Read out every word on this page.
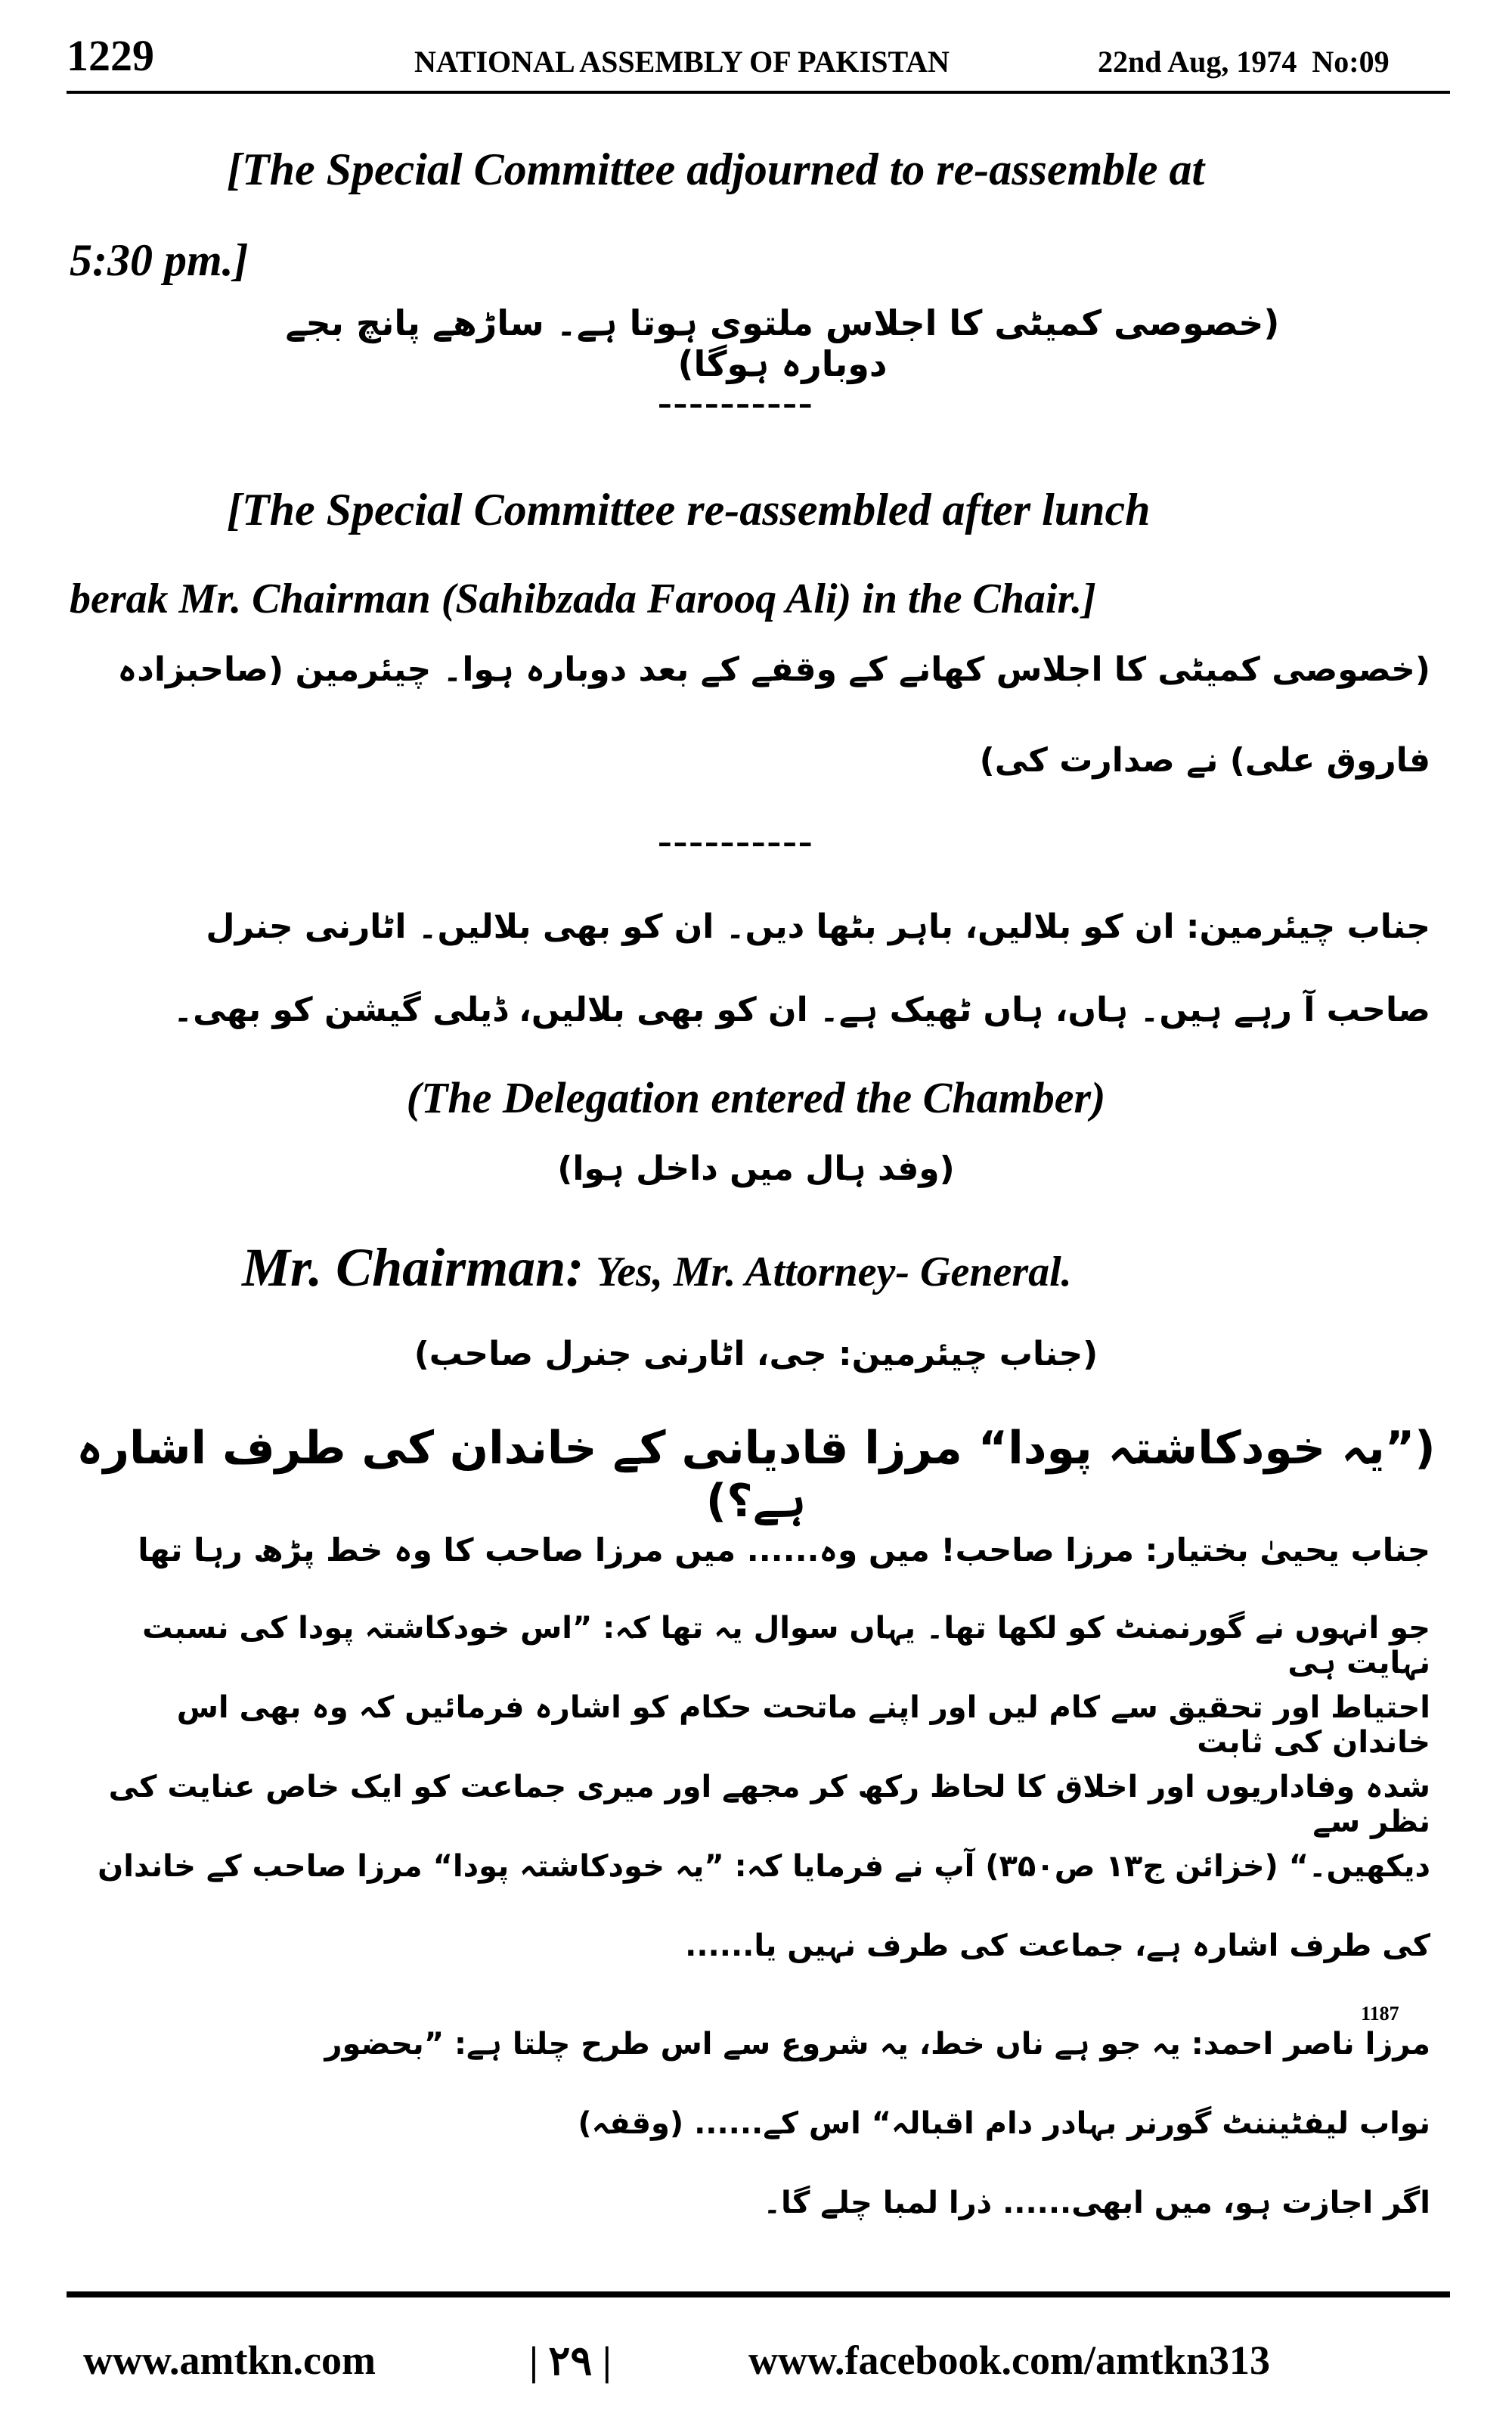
1229	NATIONAL ASSEMBLY OF PAKISTAN	22nd Aug, 1974  No:09
[The Special Committee adjourned to re-assemble at
5:30 pm.]
(خصوصی کمیٹی کا اجلاس ملتوی ہوتا ہے۔ ساڑھے پانچ بجے دوبارہ ہوگا)
----------
[The Special Committee re-assembled after lunch
berak Mr. Chairman (Sahibzada Farooq Ali) in the Chair.]
(خصوصی کمیٹی کا اجلاس کھانے کے وقفے کے بعد دوبارہ ہوا۔ چیئرمین (صاحبزادہ
فاروق علی) نے صدارت کی)
----------
جناب چیئرمین: ان کو بلالیں، باہر بٹھا دیں۔ ان کو بھی بلالیں۔ اٹارنی جنرل
صاحب آ رہے ہیں۔ ہاں، ہاں ٹھیک ہے۔ ان کو بھی بلالیں، ڈیلی گیشن کو بھی۔
(The Delegation entered the Chamber)
(وفد ہال میں داخل ہوا)
Mr. Chairman: Yes, Mr. Attorney- General.
(جناب چیئرمین: جی، اٹارنی جنرل صاحب)
(”یہ خودکاشتہ پودا“ مرزا قادیانی کے خاندان کی طرف اشارہ ہے؟)
جناب یحییٰ بختیار: مرزا صاحب! میں وہ...... میں مرزا صاحب کا وہ خط پڑھ رہا تھا
جو انہوں نے گورنمنٹ کو لکھا تھا۔ یہاں سوال یہ تھا کہ: ”اس خودکاشتہ پودا کی نسبت نہایت ہی
احتیاط اور تحقیق سے کام لیں اور اپنے ماتحت حکام کو اشارہ فرمائیں کہ وہ بھی اس خاندان کی ثابت
شدہ وفاداریوں اور اخلاق کا لحاظ رکھ کر مجھے اور میری جماعت کو ایک خاص عنایت کی نظر سے
دیکھیں۔“ (خزائن ج۱۳ ص۳۵۰) آپ نے فرمایا کہ: ”یہ خودکاشتہ پودا“ مرزا صاحب کے خاندان
کی طرف اشارہ ہے، جماعت کی طرف نہیں یا......
1187
مرزا ناصر احمد: یہ جو ہے ناں خط، یہ شروع سے اس طرح چلتا ہے: ”بحضور
نواب لیفٹیننٹ گورنر بہادر دام اقبالہ“ اس کے...... (وقفہ)
اگر اجازت ہو، میں ابھی...... ذرا لمبا چلے گا۔
www.amtkn.com	| ۲۹ |	www.facebook.com/amtkn313
